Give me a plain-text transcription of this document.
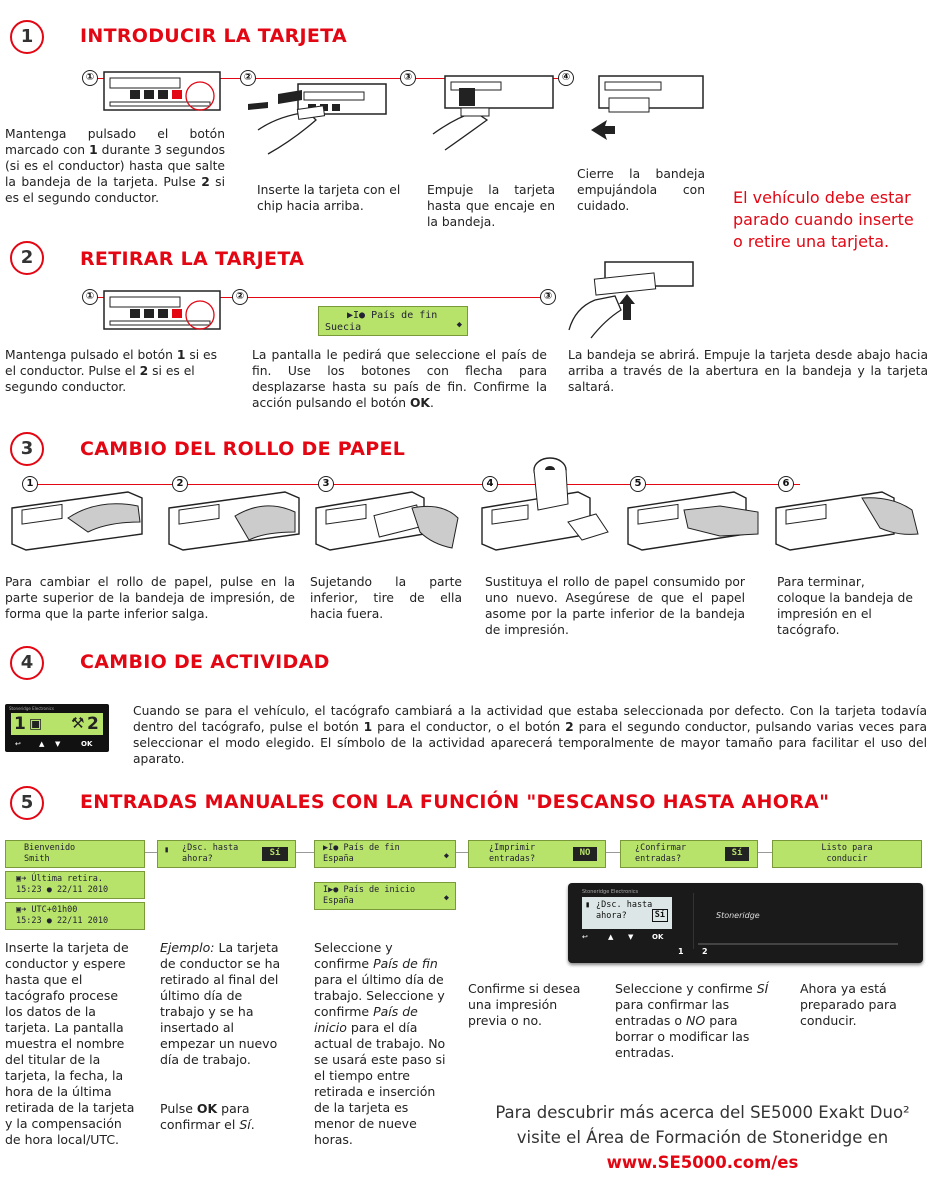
1	INTRODUCIR LA TARJETA
①	②	③	④
Mantenga pulsado el botón marcado con 1 durante 3 segundos (si es el conductor) hasta que salte la bandeja de la tarjeta. Pulse 2 si es el segundo conductor.
Inserte la tarjeta con el chip hacia arriba.
Empuje la tarjeta hasta que encaje en la bandeja.
Cierre la bandeja empujándola con cuidado.	El vehículo debe estar parado cuando inserte o retire una tarjeta.
2	RETIRAR LA TARJETA
①	②	③
▶I● País de fin
Suecia	◆
Mantenga pulsado el botón 1 si es el conductor. Pulse el 2 si es el segundo conductor.
La pantalla le pedirá que seleccione el país de fin. Use los botones con flecha para desplazarse hasta su país de fin. Confirme la acción pulsando el botón OK.
La bandeja se abrirá. Empuje la tarjeta desde abajo hacia arriba a través de la abertura en la bandeja y la tarjeta saltará.
3	CAMBIO DEL ROLLO DE PAPEL
1	2	3	4	5	6
Para cambiar el rollo de papel, pulse en la parte superior de la bandeja de impresión, de forma que la parte inferior salga.
Sujetando la parte inferior, tire de ella hacia fuera.
Sustituya el rollo de papel consumido por uno nuevo. Asegúrese de que el papel asome por la parte inferior de la bandeja de impresión.
Para terminar, coloque la bandeja de impresión en el tacógrafo.
4	CAMBIO DE ACTIVIDAD
Stoneridge Electronics
1 ▣ ⚒ 2
↩	▲ ▼	OK
Cuando se para el vehículo, el tacógrafo cambiará a la actividad que estaba seleccionada por defecto. Con la tarjeta todavía dentro del tacógrafo, pulse el botón 1 para el conductor, o el botón 2 para el segundo conductor, pulsando varias veces para seleccionar el modo elegido. El símbolo de la actividad aparecerá temporalmente de mayor tamaño para facilitar el uso del aparato.
5	ENTRADAS MANUALES CON LA FUNCIÓN "DESCANSO HASTA AHORA"
Bienvenido
Smith
▣➜ Última retira.
15:23 ● 22/11 2010
▣➜ UTC+01h00
15:23 ● 22/11 2010
▮ ¿Dsc. hasta
ahora?
Sí	▶I● País de fin
España	◆
I▶● País de inicio
España	◆
¿Imprimir
entradas?
NO	¿Confirmar
entradas?
Sí	Listo para
conducir
Stoneridge Electronics
▮ ¿Dsc. hasta
ahora?	Sí
↩	▲ ▼	OK
1 2
Stoneridge
Inserte la tarjeta de conductor y espere hasta que el tacógrafo procese los datos de la tarjeta. La pantalla muestra el nombre del titular de la tarjeta, la fecha, la hora de la última retirada de la tarjeta y la compensación de hora local/UTC.
Ejemplo: La tarjeta de conductor se ha retirado al final del último día de trabajo y se ha insertado al empezar un nuevo día de trabajo.
Pulse OK para confirmar el Sí.
Seleccione y confirme País de fin para el último día de trabajo. Seleccione y confirme País de inicio para el día actual de trabajo. No se usará este paso si el tiempo entre retirada e inserción de la tarjeta es menor de nueve horas.
Confirme si desea una impresión previa o no.
Seleccione y confirme SÍ para confirmar las entradas o NO para borrar o modificar las entradas.
Ahora ya está preparado para conducir.
Para descubrir más acerca del SE5000 Exakt Duo²
visite el Área de Formación de Stoneridge en
www.SE5000.com/es
